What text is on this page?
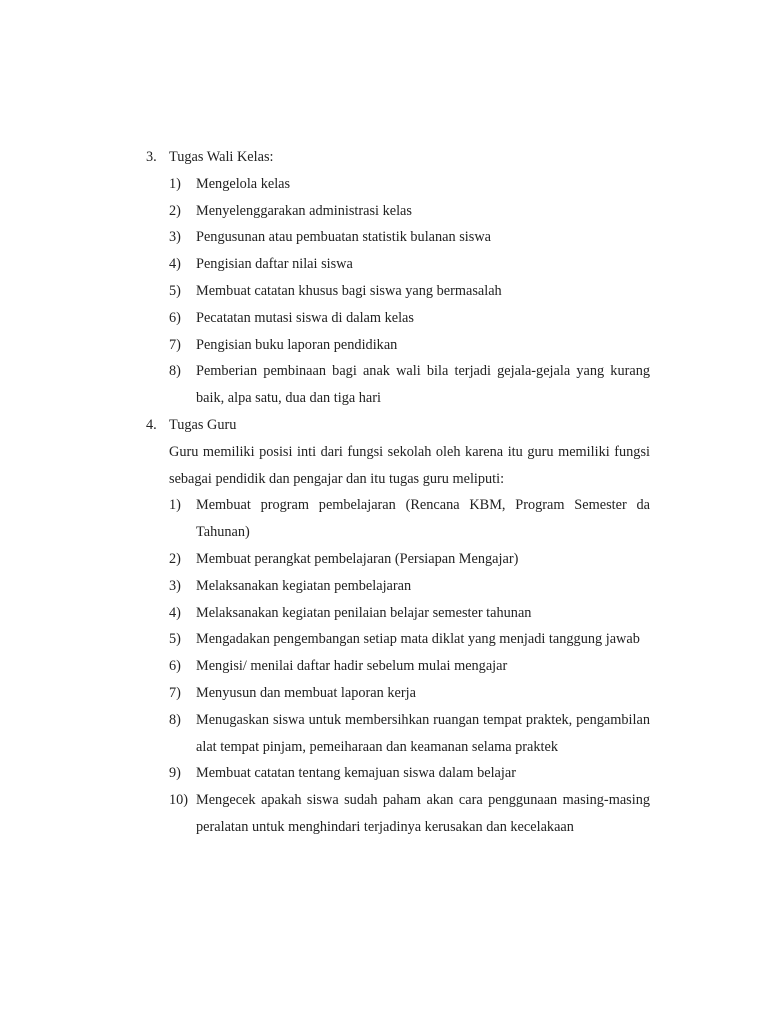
3. Tugas Wali Kelas:
1) Mengelola kelas
2) Menyelenggarakan administrasi kelas
3) Pengusunan atau pembuatan statistik bulanan siswa
4) Pengisian daftar nilai siswa
5) Membuat catatan khusus bagi siswa yang bermasalah
6) Pecatatan mutasi siswa di dalam kelas
7) Pengisian buku laporan pendidikan
8) Pemberian pembinaan bagi anak wali bila terjadi gejala-gejala yang kurang baik, alpa satu, dua dan tiga hari
4. Tugas Guru
Guru memiliki posisi inti dari fungsi sekolah oleh karena itu guru memiliki fungsi sebagai pendidik dan pengajar dan itu tugas guru meliputi:
1) Membuat program pembelajaran (Rencana KBM, Program Semester da Tahunan)
2) Membuat perangkat pembelajaran (Persiapan Mengajar)
3) Melaksanakan kegiatan pembelajaran
4) Melaksanakan kegiatan penilaian belajar semester tahunan
5) Mengadakan pengembangan setiap mata diklat yang menjadi tanggung jawab
6) Mengisi/ menilai daftar hadir sebelum mulai mengajar
7) Menyusun dan membuat laporan kerja
8) Menugaskan siswa untuk membersihkan ruangan tempat praktek, pengambilan alat tempat pinjam, pemeiharaan dan keamanan selama praktek
9) Membuat catatan tentang kemajuan siswa dalam belajar
10) Mengecek apakah siswa sudah paham akan cara penggunaan masing-masing peralatan untuk menghindari terjadinya kerusakan dan kecelakaan
